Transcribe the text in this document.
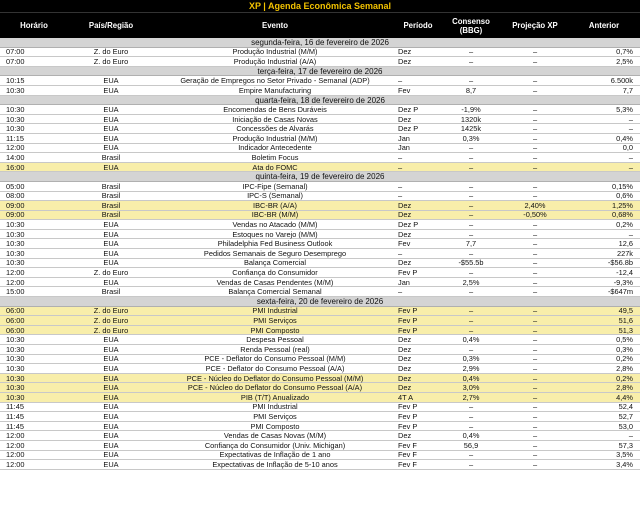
XP | Agenda Econômica Semanal
Horário	País/Região	Evento	Período	Consenso (BBG)	Projeção XP	Anterior
segunda-feira, 16 de fevereiro de 2026
07:00	Z. do Euro	Produção Industrial (M/M)	Dez	–	–	0,7%
07:00	Z. do Euro	Produção Industrial (A/A)	Dez	–	–	2,5%
terça-feira, 17 de fevereiro de 2026
10:15	EUA	Geração de Empregos no Setor Privado - Semanal (ADP)	–	–	–	6.500k
10:30	EUA	Empire Manufacturing	Fev	8,7	–	7,7
quarta-feira, 18 de fevereiro de 2026
10:30	EUA	Encomendas de Bens Duráveis	Dez P	-1,9%	–	5,3%
10:30	EUA	Iniciação de Casas Novas	Dez	1320k	–	–
10:30	EUA	Concessões de Alvarás	Dez P	1425k	–	–
11:15	EUA	Produção Industrial (M/M)	Jan	0,3%	–	0,4%
12:00	EUA	Indicador Antecedente	Jan	–	–	0,0
14:00	Brasil	Boletim Focus	–	–	–	–
16:00	EUA	Ata do FOMC	–	–	–	–
quinta-feira, 19 de fevereiro de 2026
05:00	Brasil	IPC-Fipe (Semanal)	–	–	–	0,15%
08:00	Brasil	IPC-S (Semanal)	–	–	–	0,6%
09:00	Brasil	IBC-BR (A/A)	Dez	–	2,40%	1,25%
09:00	Brasil	IBC-BR (M/M)	Dez	–	-0,50%	0,68%
10:30	EUA	Vendas no Atacado (M/M)	Dez P	–	–	0,2%
10:30	EUA	Estoques no Varejo (M/M)	Dez	–	–	–
10:30	EUA	Philadelphia Fed Business Outlook	Fev	7,7	–	12,6
10:30	EUA	Pedidos Semanais de Seguro Desemprego	–	–	–	227k
10:30	EUA	Balança Comercial	Dez	-$55.5b	–	-$56.8b
12:00	Z. do Euro	Confiança do Consumidor	Fev P	–	–	-12,4
12:00	EUA	Vendas de Casas Pendentes (M/M)	Jan	2,5%	–	-9,3%
15:00	Brasil	Balança Comercial Semanal	–	–	–	-$647m
sexta-feira, 20 de fevereiro de 2026
06:00	Z. do Euro	PMI Industrial	Fev P	–	–	49,5
06:00	Z. do Euro	PMI Serviços	Fev P	–	–	51,6
06:00	Z. do Euro	PMI Composto	Fev P	–	–	51,3
10:30	EUA	Despesa Pessoal	Dez	0,4%	–	0,5%
10:30	EUA	Renda Pessoal (real)	Dez	–	–	0,3%
10:30	EUA	PCE - Deflator do Consumo Pessoal (M/M)	Dez	0,3%	–	0,2%
10:30	EUA	PCE - Deflator do Consumo Pessoal (A/A)	Dez	2,9%	–	2,8%
10:30	EUA	PCE - Núcleo do Deflator do Consumo Pessoal (M/M)	Dez	0,4%	–	0,2%
10:30	EUA	PCE - Núcleo do Deflator do Consumo Pessoal (A/A)	Dez	3,0%	–	2,8%
10:30	EUA	PIB (T/T) Anualizado	4T A	2,7%	–	4,4%
11:45	EUA	PMI Industrial	Fev P	–	–	52,4
11:45	EUA	PMI Serviços	Fev P	–	–	52,7
11:45	EUA	PMI Composto	Fev P	–	–	53,0
12:00	EUA	Vendas de Casas Novas (M/M)	Dez	0,4%	–	–
12:00	EUA	Confiança do Consumidor (Univ. Michigan)	Fev F	56,9	–	57,3
12:00	EUA	Expectativas de Inflação de 1 ano	Fev F	–	–	3,5%
12:00	EUA	Expectativas de Inflação de 5-10 anos	Fev F	–	–	3,4%
